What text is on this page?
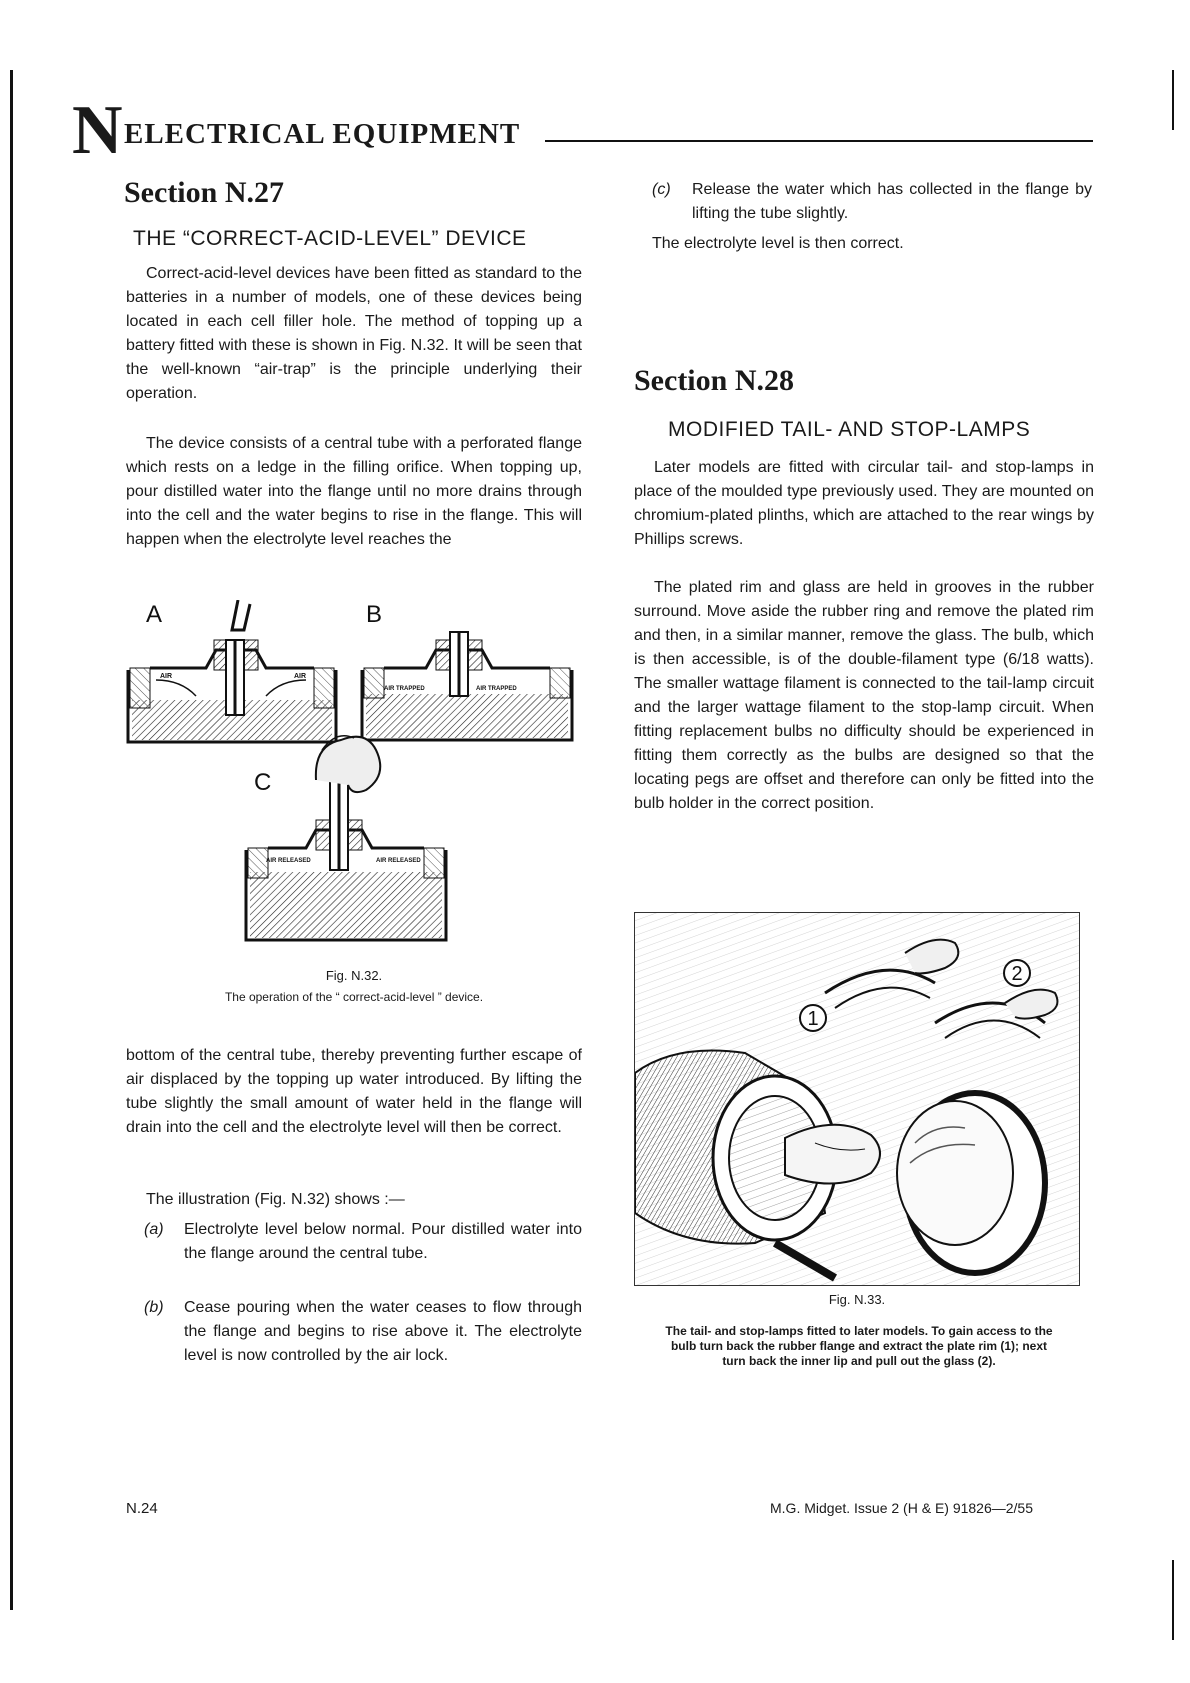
N ELECTRICAL EQUIPMENT
Section N.27
THE “CORRECT-ACID-LEVEL” DEVICE
Correct-acid-level devices have been fitted as standard to the batteries in a number of models, one of these devices being located in each cell filler hole. The method of topping up a battery fitted with these is shown in Fig. N.32. It will be seen that the well-known “air-trap” is the principle underlying their operation.
The device consists of a central tube with a perforated flange which rests on a ledge in the filling orifice. When topping up, pour distilled water into the flange until no more drains through into the cell and the water begins to rise in the flange. This will happen when the electrolyte level reaches the
A	B
C
AIR	AIR
AIR TRAPPED	AIR TRAPPED
AIR RELEASED	AIR RELEASED
Fig. N.32.
The operation of the “ correct-acid-level ” device.
bottom of the central tube, thereby preventing further escape of air displaced by the topping up water introduced. By lifting the tube slightly the small amount of water held in the flange will drain into the cell and the electrolyte level will then be correct.
The illustration (Fig. N.32) shows :—
(a)	Electrolyte level below normal. Pour distilled water into the flange around the central tube.
(b)	Cease pouring when the water ceases to flow through the flange and begins to rise above it. The electrolyte level is now controlled by the air lock.
(c)	Release the water which has collected in the flange by lifting the tube slightly.
The electrolyte level is then correct.
Section N.28
MODIFIED TAIL- AND STOP-LAMPS
Later models are fitted with circular tail- and stop-lamps in place of the moulded type previously used. They are mounted on chromium-plated plinths, which are attached to the rear wings by Phillips screws.
The plated rim and glass are held in grooves in the rubber surround. Move aside the rubber ring and remove the plated rim and then, in a similar manner, remove the glass. The bulb, which is then accessible, is of the double-filament type (6/18 watts). The smaller wattage filament is connected to the tail-lamp circuit and the larger wattage filament to the stop-lamp circuit. When fitting replacement bulbs no difficulty should be experienced in fitting them correctly as the bulbs are designed so that the locating pegs are offset and therefore can only be fitted into the bulb holder in the correct position.
1
2
Fig. N.33.
The tail- and stop-lamps fitted to later models. To gain access to the bulb turn back the rubber flange and extract the plate rim (1); next turn back the inner lip and pull out the glass (2).
N.24	M.G. Midget. Issue 2 (H & E) 91826—2/55
